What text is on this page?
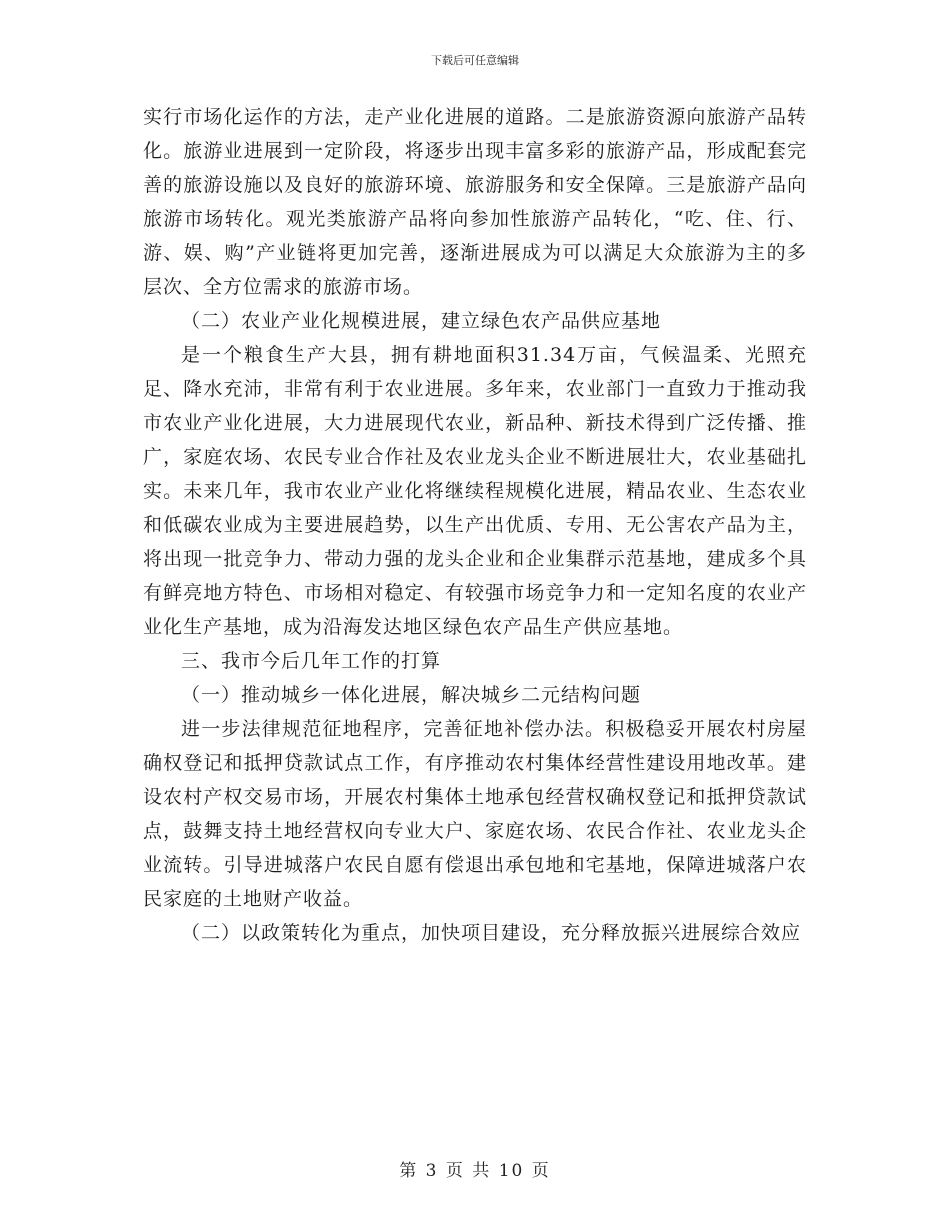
下载后可任意编辑

实行市场化运作的方法，走产业化进展的道路。二是旅游资源向旅游产品转化。旅游业进展到一定阶段，将逐步出现丰富多彩的旅游产品，形成配套完善的旅游设施以及良好的旅游环境、旅游服务和安全保障。三是旅游产品向旅游市场转化。观光类旅游产品将向参加性旅游产品转化，“吃、住、行、游、娱、购”产业链将更加完善，逐渐进展成为可以满足大众旅游为主的多层次、全方位需求的旅游市场。

（二）农业产业化规模进展，建立绿色农产品供应基地

是一个粮食生产大县，拥有耕地面积31.34万亩，气候温柔、光照充足、降水充沛，非常有利于农业进展。多年来，农业部门一直致力于推动我市农业产业化进展，大力进展现代农业，新品种、新技术得到广泛传播、推广，家庭农场、农民专业合作社及农业龙头企业不断进展壮大，农业基础扎实。未来几年，我市农业产业化将继续程规模化进展，精品农业、生态农业和低碳农业成为主要进展趋势，以生产出优质、专用、无公害农产品为主，将出现一批竞争力、带动力强的龙头企业和企业集群示范基地，建成多个具有鲜亮地方特色、市场相对稳定、有较强市场竞争力和一定知名度的农业产业化生产基地，成为沿海发达地区绿色农产品生产供应基地。

三、我市今后几年工作的打算

（一）推动城乡一体化进展，解决城乡二元结构问题

进一步法律规范征地程序，完善征地补偿办法。积极稳妥开展农村房屋确权登记和抵押贷款试点工作，有序推动农村集体经营性建设用地改革。建设农村产权交易市场，开展农村集体土地承包经营权确权登记和抵押贷款试点，鼓舞支持土地经营权向专业大户、家庭农场、农民合作社、农业龙头企业流转。引导进城落户农民自愿有偿退出承包地和宅基地，保障进城落户农民家庭的土地财产收益。

（二）以政策转化为重点，加快项目建设，充分释放振兴进展综合效应

第 3 页 共 10 页
